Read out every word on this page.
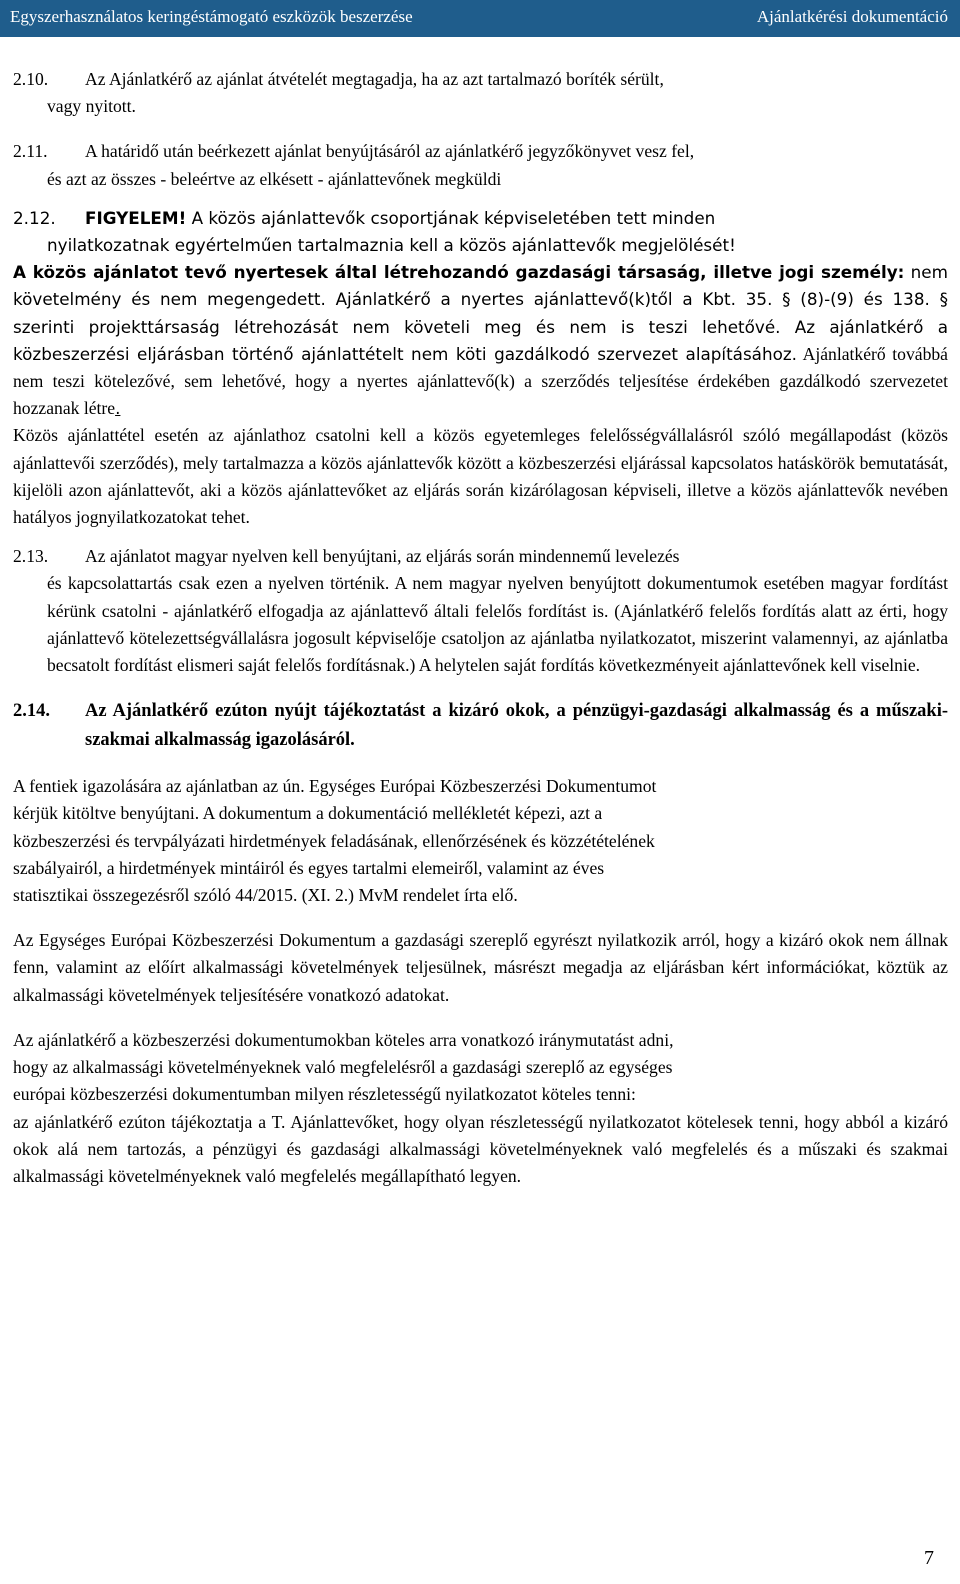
Egyszerhasználatos keringéstámogató eszközök beszerzése	Ajánlatkérési dokumentáció
2.10.	Az Ajánlatkérő az ajánlat átvételét megtagadja, ha az azt tartalmazó boríték sérült,
vagy nyitott.
2.11.	A határidő után beérkezett ajánlat benyújtásáról az ajánlatkérő jegyzőkönyvet vesz fel,
és azt az összes - beleértve az elkésett - ajánlattevőnek megküldi
2.12.	FIGYELEM! A közös ajánlattevők csoportjának képviseletében tett minden
nyilatkozatnak egyértelműen tartalmaznia kell a közös ajánlattevők megjelölését!
A közös ajánlatot tevő nyertesek által létrehozandó gazdasági társaság, illetve jogi személy: nem követelmény és nem megengedett. Ajánlatkérő a nyertes ajánlattevő(k)től a Kbt. 35. § (8)-(9) és 138. § szerinti projekttársaság létrehozását nem követeli meg és nem is teszi lehetővé. Az ajánlatkérő a közbeszerzési eljárásban történő ajánlattételt nem köti gazdálkodó szervezet alapításához. Ajánlatkérő továbbá nem teszi kötelezővé, sem lehetővé, hogy a nyertes ajánlattevő(k) a szerződés teljesítése érdekében gazdálkodó szervezetet hozzanak létre.
Közös ajánlattétel esetén az ajánlathoz csatolni kell a közös egyetemleges felelősségvállalásról szóló megállapodást (közös ajánlattevői szerződés), mely tartalmazza a közös ajánlattevők között a közbeszerzési eljárással kapcsolatos hatáskörök bemutatását, kijelöli azon ajánlattevőt, aki a közös ajánlattevőket az eljárás során kizárólagosan képviseli, illetve a közös ajánlattevők nevében hatályos jognyilatkozatokat tehet.
2.13.	Az ajánlatot magyar nyelven kell benyújtani, az eljárás során mindennemű levelezés
és kapcsolattartás csak ezen a nyelven történik. A nem magyar nyelven benyújtott dokumentumok esetében magyar fordítást kérünk csatolni - ajánlatkérő elfogadja az ajánlattevő általi felelős fordítást is. (Ajánlatkérő felelős fordítás alatt az érti, hogy ajánlattevő kötelezettségvállalásra jogosult képviselője csatoljon az ajánlatba nyilatkozatot, miszerint valamennyi, az ajánlatba becsatolt fordítást elismeri saját felelős fordításnak.) A helytelen saját fordítás következményeit ajánlattevőnek kell viselnie.
2.14.	Az Ajánlatkérő ezúton nyújt tájékoztatást a kizáró okok, a pénzügyi-gazdasági alkalmasság és a műszaki-szakmai alkalmasság igazolásáról.
A fentiek igazolására az ajánlatban az ún. Egységes Európai Közbeszerzési Dokumentumot
kérjük kitöltve benyújtani. A dokumentum a dokumentáció mellékletét képezi, azt a
közbeszerzési és tervpályázati hirdetmények feladásának, ellenőrzésének és közzétételének
szabályairól, a hirdetmények mintáiról és egyes tartalmi elemeiről, valamint az éves
statisztikai összegezésről szóló 44/2015. (XI. 2.) MvM rendelet írta elő.
Az Egységes Európai Közbeszerzési Dokumentum a gazdasági szereplő egyrészt nyilatkozik arról, hogy a kizáró okok nem állnak fenn, valamint az előírt alkalmassági követelmények teljesülnek, másrészt megadja az eljárásban kért információkat, köztük az alkalmassági követelmények teljesítésére vonatkozó adatokat.
Az ajánlatkérő a közbeszerzési dokumentumokban köteles arra vonatkozó iránymutatást adni,
hogy az alkalmassági követelményeknek való megfelelésről a gazdasági szereplő az egységes
európai közbeszerzési dokumentumban milyen részletességű nyilatkozatot köteles tenni:
az ajánlatkérő ezúton tájékoztatja a T. Ajánlattevőket, hogy olyan részletességű nyilatkozatot kötelesek tenni, hogy abból a kizáró okok alá nem tartozás, a pénzügyi és gazdasági alkalmassági követelményeknek való megfelelés és a műszaki és szakmai alkalmassági követelményeknek való megfelelés megállapítható legyen.
7
